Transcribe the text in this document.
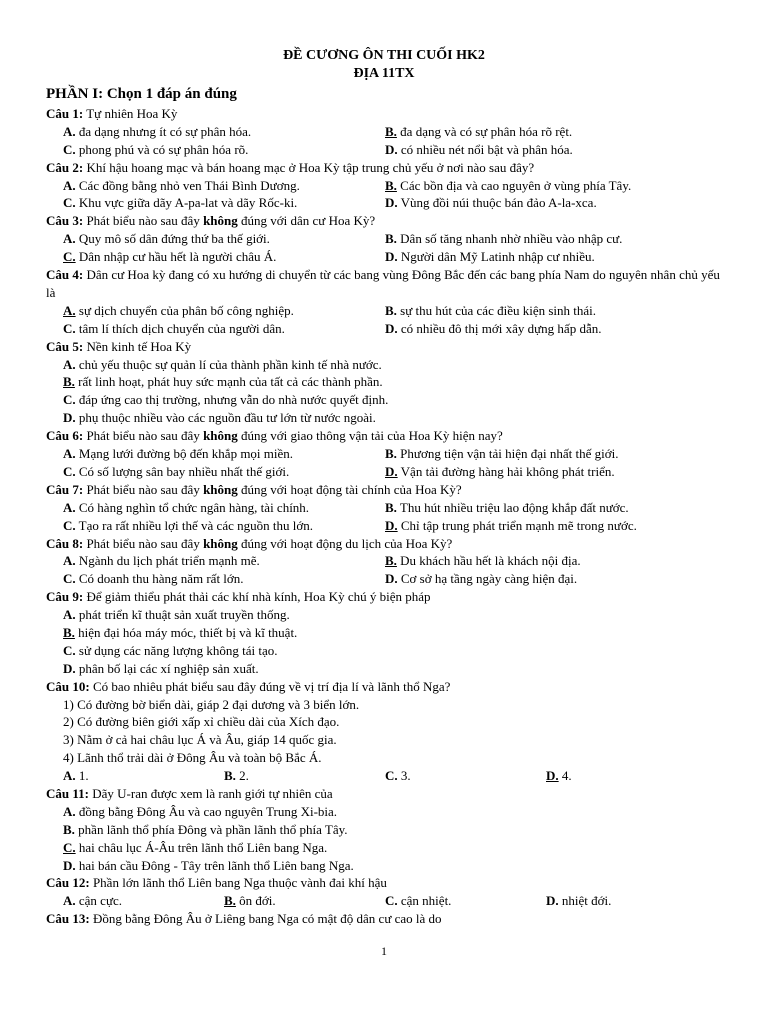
ĐỀ CƯƠNG ÔN THI CUỐI HK2
ĐỊA 11TX
PHẦN I: Chọn 1 đáp án đúng
Câu 1: Tự nhiên Hoa Kỳ
A. đa dạng nhưng ít có sự phân hóa.	B. đa dạng và có sự phân hóa rõ rệt.
C. phong phú và có sự phân hóa rõ.	D. có nhiều nét nổi bật và phân hóa.
Câu 2: Khí hậu hoang mạc và bán hoang mạc ở Hoa Kỳ tập trung chủ yếu ở nơi nào sau đây?
A. Các đồng bằng nhỏ ven Thái Bình Dương.	B. Các bồn địa và cao nguyên ở vùng phía Tây.
C. Khu vực giữa dãy A-pa-lat và dãy Rốc-ki.	D. Vùng đồi núi thuộc bán đảo A-la-xca.
Câu 3: Phát biểu nào sau đây không đúng với dân cư Hoa Kỳ?
A. Quy mô số dân đứng thứ ba thế giới.	B. Dân số tăng nhanh nhờ nhiều vào nhập cư.
C. Dân nhập cư hầu hết là người châu Á.	D. Người dân Mỹ Latinh nhập cư nhiều.
Câu 4: Dân cư Hoa kỳ đang có xu hướng di chuyển từ các bang vùng Đông Bắc đến các bang phía Nam do nguyên nhân chủ yếu là
A. sự dịch chuyển của phân bố công nghiệp.	B. sự thu hút của các điều kiện sinh thái.
C. tâm lí thích dịch chuyển của người dân.	D. có nhiều đô thị mới xây dựng hấp dẫn.
Câu 5: Nền kinh tế Hoa Kỳ
A. chủ yếu thuộc sự quản lí của thành phần kinh tế nhà nước.
B. rất linh hoạt, phát huy sức mạnh của tất cả các thành phần.
C. đáp ứng cao thị trường, nhưng vẫn do nhà nước quyết định.
D. phụ thuộc nhiều vào các nguồn đầu tư lớn từ nước ngoài.
Câu 6: Phát biểu nào sau đây không đúng với giao thông vận tải của Hoa Kỳ hiện nay?
A. Mạng lưới đường bộ đến khắp mọi miền.	B. Phương tiện vận tải hiện đại nhất thế giới.
C. Có số lượng sân bay nhiều nhất thế giới.	D. Vận tải đường hàng hải không phát triển.
Câu 7: Phát biểu nào sau đây không đúng với hoạt động tài chính của Hoa Kỳ?
A. Có hàng nghìn tổ chức ngân hàng, tài chính.	B. Thu hút nhiều triệu lao động khắp đất nước.
C. Tạo ra rất nhiều lợi thế và các nguồn thu lớn.	D. Chỉ tập trung phát triển mạnh mẽ trong nước.
Câu 8: Phát biểu nào sau đây không đúng với hoạt động du lịch của Hoa Kỳ?
A. Ngành du lịch phát triển mạnh mẽ.	B. Du khách hầu hết là khách nội địa.
C. Có doanh thu hàng năm rất lớn.	D. Cơ sở hạ tầng ngày càng hiện đại.
Câu 9: Để giảm thiểu phát thải các khí nhà kính, Hoa Kỳ chú ý biện pháp
A. phát triển kĩ thuật sản xuất truyền thống.
B. hiện đại hóa máy móc, thiết bị và kĩ thuật.
C. sử dụng các năng lượng không tái tạo.
D. phân bố lại các xí nghiệp sản xuất.
Câu 10: Có bao nhiêu phát biểu sau đây đúng về vị trí địa lí và lãnh thổ Nga?
1) Có đường bờ biển dài, giáp 2 đại dương và 3 biển lớn.
2) Có đường biên giới xấp xỉ chiều dài của Xích đạo.
3) Nằm ở cả hai châu lục Á và Âu, giáp 14 quốc gia.
4) Lãnh thổ trải dài ở Đông Âu và toàn bộ Bắc Á.
A. 1.	B. 2.	C. 3.	D. 4.
Câu 11: Dãy U-ran được xem là ranh giới tự nhiên của
A. đồng bằng Đông Âu và cao nguyên Trung Xi-bia.
B. phần lãnh thổ phía Đông và phần lãnh thổ phía Tây.
C. hai châu lục Á-Âu trên lãnh thổ Liên bang Nga.
D. hai bán cầu Đông - Tây trên lãnh thổ Liên bang Nga.
Câu 12: Phần lớn lãnh thổ Liên bang Nga thuộc vành đai khí hậu
A. cận cực.	B. ôn đới.	C. cận nhiệt.	D. nhiệt đới.
Câu 13: Đồng bằng Đông Âu ở Liêng bang Nga có mật độ dân cư cao là do
1
